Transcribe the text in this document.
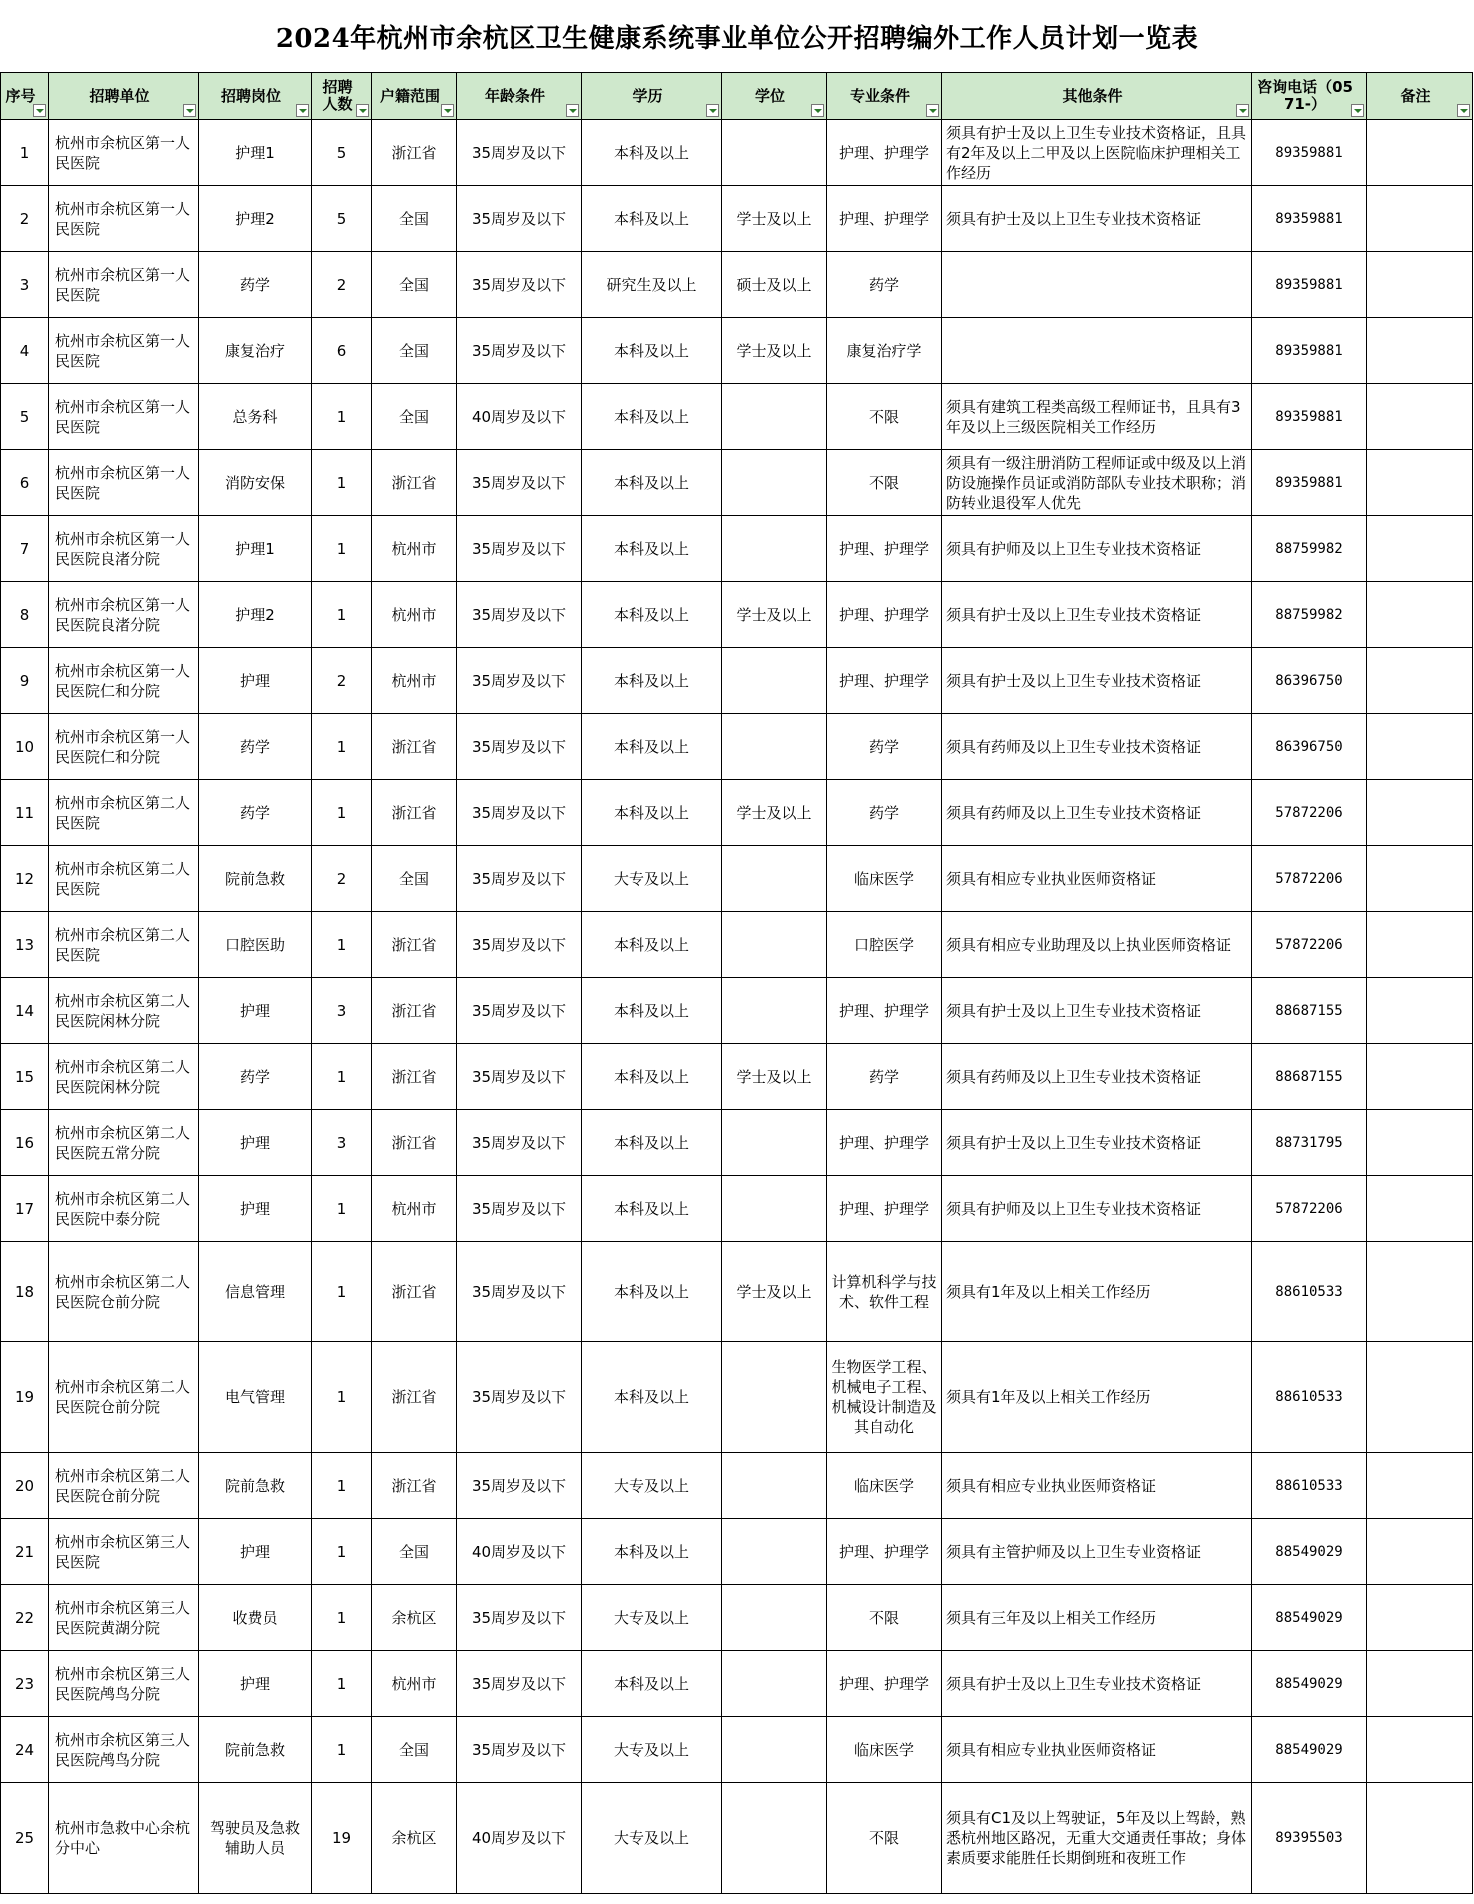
2024年杭州市余杭区卫生健康系统事业单位公开招聘编外工作人员计划一览表
序号	招聘单位	招聘岗位	招聘人数	户籍范围	年龄条件	学历	学位	专业条件	其他条件	咨询电话（0571-）	备注

1	杭州市余杭区第一人民医院	护理1	5	浙江省	35周岁及以下	本科及以上		护理、护理学	须具有护士及以上卫生专业技术资格证，且具有2年及以上二甲及以上医院临床护理相关工作经历	89359881	
2	杭州市余杭区第一人民医院	护理2	5	全国	35周岁及以下	本科及以上	学士及以上	护理、护理学	须具有护士及以上卫生专业技术资格证	89359881	
3	杭州市余杭区第一人民医院	药学	2	全国	35周岁及以下	研究生及以上	硕士及以上	药学		89359881	
4	杭州市余杭区第一人民医院	康复治疗	6	全国	35周岁及以下	本科及以上	学士及以上	康复治疗学		89359881	
5	杭州市余杭区第一人民医院	总务科	1	全国	40周岁及以下	本科及以上		不限	须具有建筑工程类高级工程师证书，且具有3年及以上三级医院相关工作经历	89359881	
6	杭州市余杭区第一人民医院	消防安保	1	浙江省	35周岁及以下	本科及以上		不限	须具有一级注册消防工程师证或中级及以上消防设施操作员证或消防部队专业技术职称；消防转业退役军人优先	89359881	
7	杭州市余杭区第一人民医院良渚分院	护理1	1	杭州市	35周岁及以下	本科及以上		护理、护理学	须具有护师及以上卫生专业技术资格证	88759982	
8	杭州市余杭区第一人民医院良渚分院	护理2	1	杭州市	35周岁及以下	本科及以上	学士及以上	护理、护理学	须具有护士及以上卫生专业技术资格证	88759982	
9	杭州市余杭区第一人民医院仁和分院	护理	2	杭州市	35周岁及以下	本科及以上		护理、护理学	须具有护士及以上卫生专业技术资格证	86396750	
10	杭州市余杭区第一人民医院仁和分院	药学	1	浙江省	35周岁及以下	本科及以上		药学	须具有药师及以上卫生专业技术资格证	86396750	
11	杭州市余杭区第二人民医院	药学	1	浙江省	35周岁及以下	本科及以上	学士及以上	药学	须具有药师及以上卫生专业技术资格证	57872206	
12	杭州市余杭区第二人民医院	院前急救	2	全国	35周岁及以下	大专及以上		临床医学	须具有相应专业执业医师资格证	57872206	
13	杭州市余杭区第二人民医院	口腔医助	1	浙江省	35周岁及以下	本科及以上		口腔医学	须具有相应专业助理及以上执业医师资格证	57872206	
14	杭州市余杭区第二人民医院闲林分院	护理	3	浙江省	35周岁及以下	本科及以上		护理、护理学	须具有护士及以上卫生专业技术资格证	88687155	
15	杭州市余杭区第二人民医院闲林分院	药学	1	浙江省	35周岁及以下	本科及以上	学士及以上	药学	须具有药师及以上卫生专业技术资格证	88687155	
16	杭州市余杭区第二人民医院五常分院	护理	3	浙江省	35周岁及以下	本科及以上		护理、护理学	须具有护士及以上卫生专业技术资格证	88731795	
17	杭州市余杭区第二人民医院中泰分院	护理	1	杭州市	35周岁及以下	本科及以上		护理、护理学	须具有护师及以上卫生专业技术资格证	57872206	
18	杭州市余杭区第二人民医院仓前分院	信息管理	1	浙江省	35周岁及以下	本科及以上	学士及以上	计算机科学与技术、软件工程	须具有1年及以上相关工作经历	88610533	
19	杭州市余杭区第二人民医院仓前分院	电气管理	1	浙江省	35周岁及以下	本科及以上		生物医学工程、机械电子工程、机械设计制造及其自动化	须具有1年及以上相关工作经历	88610533	
20	杭州市余杭区第二人民医院仓前分院	院前急救	1	浙江省	35周岁及以下	大专及以上		临床医学	须具有相应专业执业医师资格证	88610533	
21	杭州市余杭区第三人民医院	护理	1	全国	40周岁及以下	本科及以上		护理、护理学	须具有主管护师及以上卫生专业资格证	88549029	
22	杭州市余杭区第三人民医院黄湖分院	收费员	1	余杭区	35周岁及以下	大专及以上		不限	须具有三年及以上相关工作经历	88549029	
23	杭州市余杭区第三人民医院鸬鸟分院	护理	1	杭州市	35周岁及以下	本科及以上		护理、护理学	须具有护士及以上卫生专业技术资格证	88549029	
24	杭州市余杭区第三人民医院鸬鸟分院	院前急救	1	全国	35周岁及以下	大专及以上		临床医学	须具有相应专业执业医师资格证	88549029	
25	杭州市急救中心余杭分中心	驾驶员及急救辅助人员	19	余杭区	40周岁及以下	大专及以上		不限	须具有C1及以上驾驶证，5年及以上驾龄，熟悉杭州地区路况，无重大交通责任事故；身体素质要求能胜任长期倒班和夜班工作	89395503	
